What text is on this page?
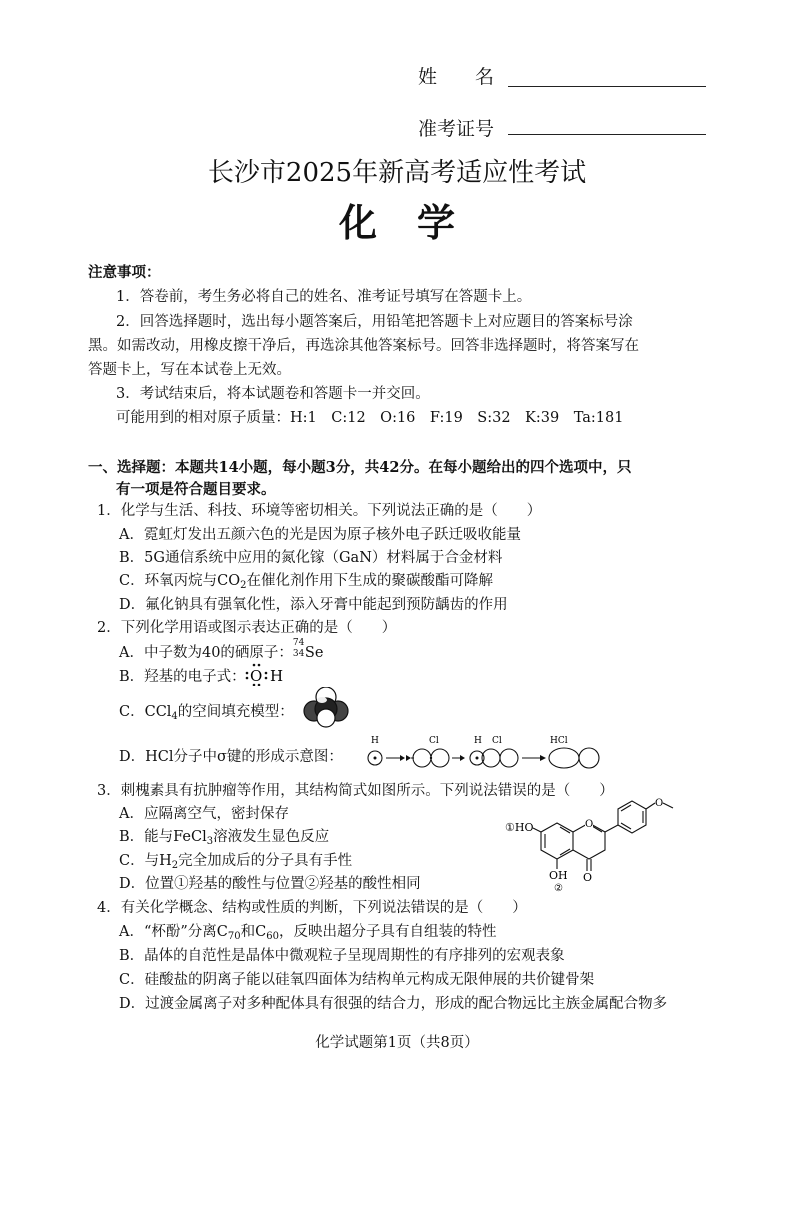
姓　　名
准考证号
长沙市2025年新高考适应性考试
化学
注意事项：
1．答卷前，考生务必将自己的姓名、准考证号填写在答题卡上。
2．回答选择题时，选出每小题答案后，用铅笔把答题卡上对应题目的答案标号涂
黑。如需改动，用橡皮擦干净后，再选涂其他答案标号。回答非选择题时，将答案写在
答题卡上，写在本试卷上无效。
3．考试结束后，将本试题卷和答题卡一并交回。
可能用到的相对原子质量：H:1　C:12　O:16　F:19　S:32　K:39　Ta:181
一、选择题：本题共14小题，每小题3分，共42分。在每小题给出的四个选项中，只
有一项是符合题目要求。
1．化学与生活、科技、环境等密切相关。下列说法正确的是（　　）
A．霓虹灯发出五颜六色的光是因为原子核外电子跃迁吸收能量
B．5G通信系统中应用的氮化镓（GaN）材料属于合金材料
C．环氧丙烷与$CO_2$在催化剂作用下生成的聚碳酸酯可降解
D．氟化钠具有强氧化性，添入牙膏中能起到预防龋齿的作用
2．下列化学用语或图示表达正确的是（　　）
A．中子数为40的硒原子：
74
34 Se
B．羟基的电子式： O H
C．CCl$_4$的空间填充模型：
D．HCl分子中σ键的形成示意图：
H	Cl	H Cl	HCl
3．刺槐素具有抗肿瘤等作用，其结构简式如图所示。下列说法错误的是（　　）
A．应隔离空气，密封保存
B．能与FeCl$_3$溶液发生显色反应
C．与$H_2$完全加成后的分子具有手性
D．位置①羟基的酸性与位置②羟基的酸性相同
O
O
①HO
O
OH
②
4．有关化学概念、结构或性质的判断，下列说法错误的是（　　）
A．“杯酚”分离$C_{70}$和$C_{60}$，反映出超分子具有自组装的特性
B．晶体的自范性是晶体中微观粒子呈现周期性的有序排列的宏观表象
C．硅酸盐的阴离子能以硅氧四面体为结构单元构成无限伸展的共价键骨架
D．过渡金属离子对多种配体具有很强的结合力，形成的配合物远比主族金属配合物多
化学试题第1页（共8页）
